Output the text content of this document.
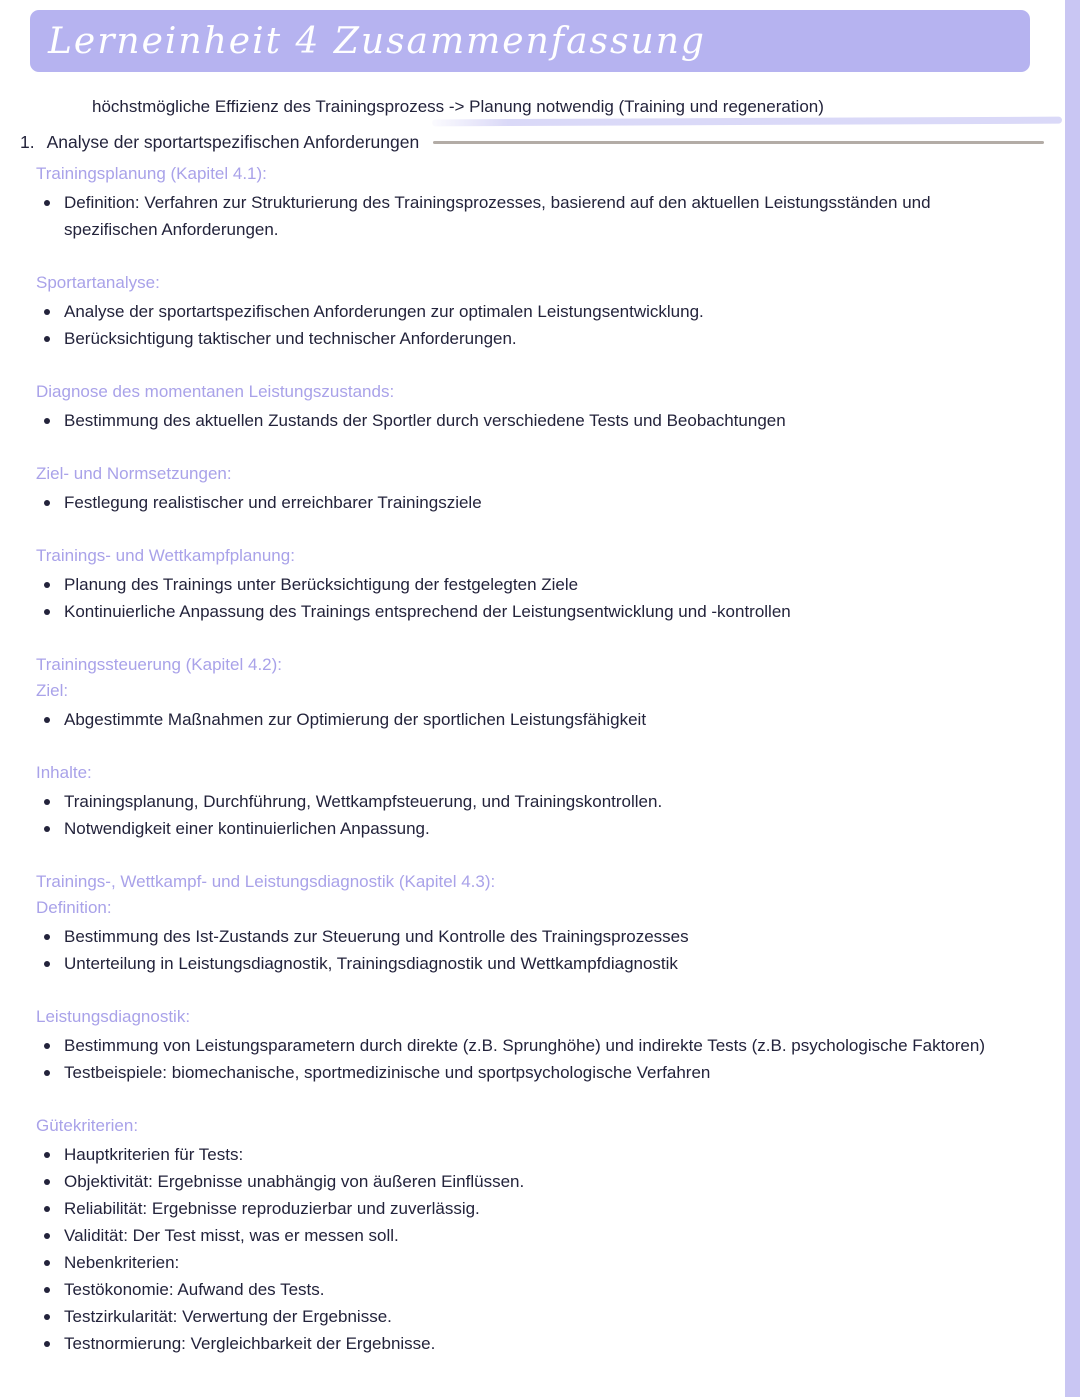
Lerneinheit 4 Zusammenfassung

höchstmögliche Effizienz des Trainingsprozess -> Planung notwendig (Training und regeneration)

1. Analyse der sportartspezifischen Anforderungen
Trainingsplanung (Kapitel 4.1):
Definition: Verfahren zur Strukturierung des Trainingsprozesses, basierend auf den aktuellen Leistungsständen und spezifischen Anforderungen.
Sportartanalyse:
Analyse der sportartspezifischen Anforderungen zur optimalen Leistungsentwicklung.
Berücksichtigung taktischer und technischer Anforderungen.
Diagnose des momentanen Leistungszustands:
Bestimmung des aktuellen Zustands der Sportler durch verschiedene Tests und Beobachtungen
Ziel- und Normsetzungen:
Festlegung realistischer und erreichbarer Trainingsziele
Trainings- und Wettkampfplanung:
Planung des Trainings unter Berücksichtigung der festgelegten Ziele
Kontinuierliche Anpassung des Trainings entsprechend der Leistungsentwicklung und -kontrollen
Trainingssteuerung (Kapitel 4.2):
Ziel:
Abgestimmte Maßnahmen zur Optimierung der sportlichen Leistungsfähigkeit
Inhalte:
Trainingsplanung, Durchführung, Wettkampfsteuerung, und Trainingskontrollen.
Notwendigkeit einer kontinuierlichen Anpassung.
Trainings-, Wettkampf- und Leistungsdiagnostik (Kapitel 4.3):
Definition:
Bestimmung des Ist-Zustands zur Steuerung und Kontrolle des Trainingsprozesses
Unterteilung in Leistungsdiagnostik, Trainingsdiagnostik und Wettkampfdiagnostik
Leistungsdiagnostik:
Bestimmung von Leistungsparametern durch direkte (z.B. Sprunghöhe) und indirekte Tests (z.B. psychologische Faktoren)
Testbeispiele: biomechanische, sportmedizinische und sportpsychologische Verfahren
Gütekriterien:
Hauptkriterien für Tests:
Objektivität: Ergebnisse unabhängig von äußeren Einflüssen.
Reliabilität: Ergebnisse reproduzierbar und zuverlässig.
Validität: Der Test misst, was er messen soll.
Nebenkriterien:
Testökonomie: Aufwand des Tests.
Testzirkularität: Verwertung der Ergebnisse.
Testnormierung: Vergleichbarkeit der Ergebnisse.
